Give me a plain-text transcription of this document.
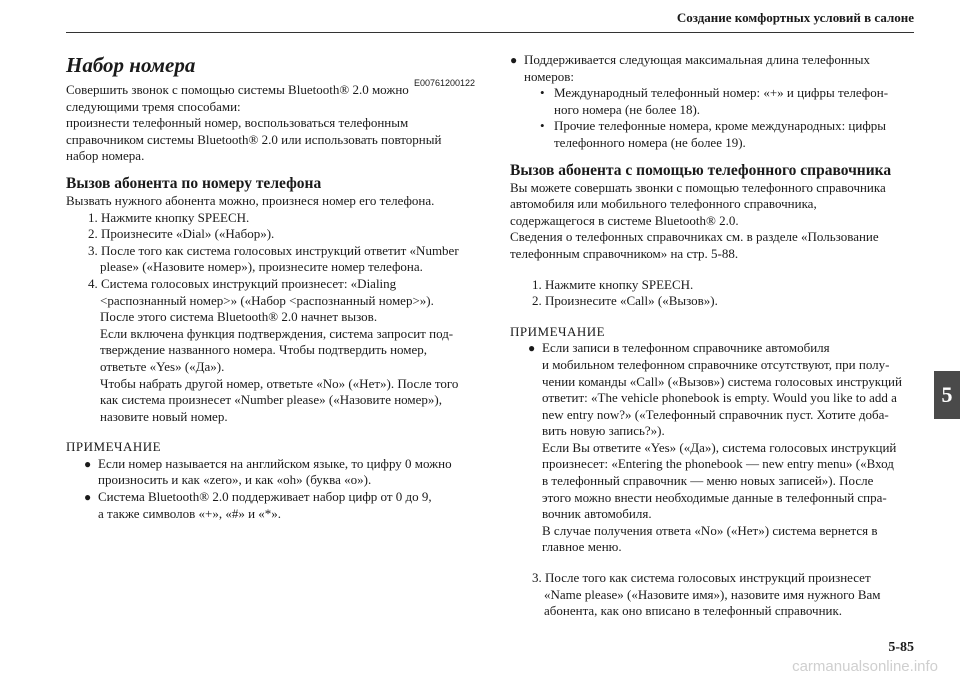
Создание комфортных условий в салоне
E00761200122
Набор номера

Совершить звонок с помощью системы Bluetooth® 2.0 можно

следующими тремя способами:

произнести телефонный номер, воспользоваться телефонным

справочником системы Bluetooth® 2.0 или использовать повторный

набор номера.

Вызов абонента по номеру телефона

Вызвать нужного абонента можно, произнеся номер его телефона.

1. Нажмите кнопку SPEECH.

2. Произнесите «Dial» («Набор»).

3. После того как система голосовых инструкций ответит «Number

please» («Назовите номер»), произнесите номер телефона.

4. Система голосовых инструкций произнесет: «Dialing

<распознанный номер>» («Набор <распознанный номер>»).

После этого система Bluetooth® 2.0 начнет вызов.

Если включена функция подтверждения, система запросит под-

тверждение названного номера. Чтобы подтвердить номер,

ответьте «Yes» («Да»).

Чтобы набрать другой номер, ответьте «No» («Нет»). После того

как система произнесет «Number please» («Назовите номер»),

назовите новый номер.

ПРИМЕЧАНИЕ

● Если номер называется на английском языке, то цифру 0 можно

произносить и как «zero», и как «oh» (буква «o»).

● Система Bluetooth® 2.0 поддерживает набор цифр от 0 до 9,

а также символов «+», «#» и «*».

● Поддерживается следующая максимальная длина телефонных

номеров:

• Международный телефонный номер: «+» и цифры телефон-

ного номера (не более 18).

• Прочие телефонные номера, кроме международных: цифры

телефонного номера (не более 19).

Вызов абонента с помощью телефонного справочника

Вы можете совершать звонки с помощью телефонного справочника

автомобиля или мобильного телефонного справочника,

содержащегося в системе Bluetooth® 2.0.

Сведения о телефонных справочниках см. в разделе «Пользование

телефонным справочником» на стр. 5-88.

1. Нажмите кнопку SPEECH.

2. Произнесите «Call» («Вызов»).

ПРИМЕЧАНИЕ

● Если записи в телефонном справочнике автомобиля

и мобильном телефонном справочнике отсутствуют, при полу-

чении команды «Call» («Вызов») система голосовых инструкций

ответит: «The vehicle phonebook is empty. Would you like to add a

new entry now?» («Телефонный справочник пуст. Хотите доба-

вить новую запись?»).

Если Вы ответите «Yes» («Да»), система голосовых инструкций

произнесет: «Entering the phonebook — new entry menu» («Вход

в телефонный справочник — меню новых записей»). После

этого можно внести необходимые данные в телефонный спра-

вочник автомобиля.

В случае получения ответа «No» («Нет») система вернется в

главное меню.

3. После того как система голосовых инструкций произнесет

«Name please» («Назовите имя»), назовите имя нужного Вам

абонента, как оно вписано в телефонный справочник.

5
5-85
carmanualsonline.info
